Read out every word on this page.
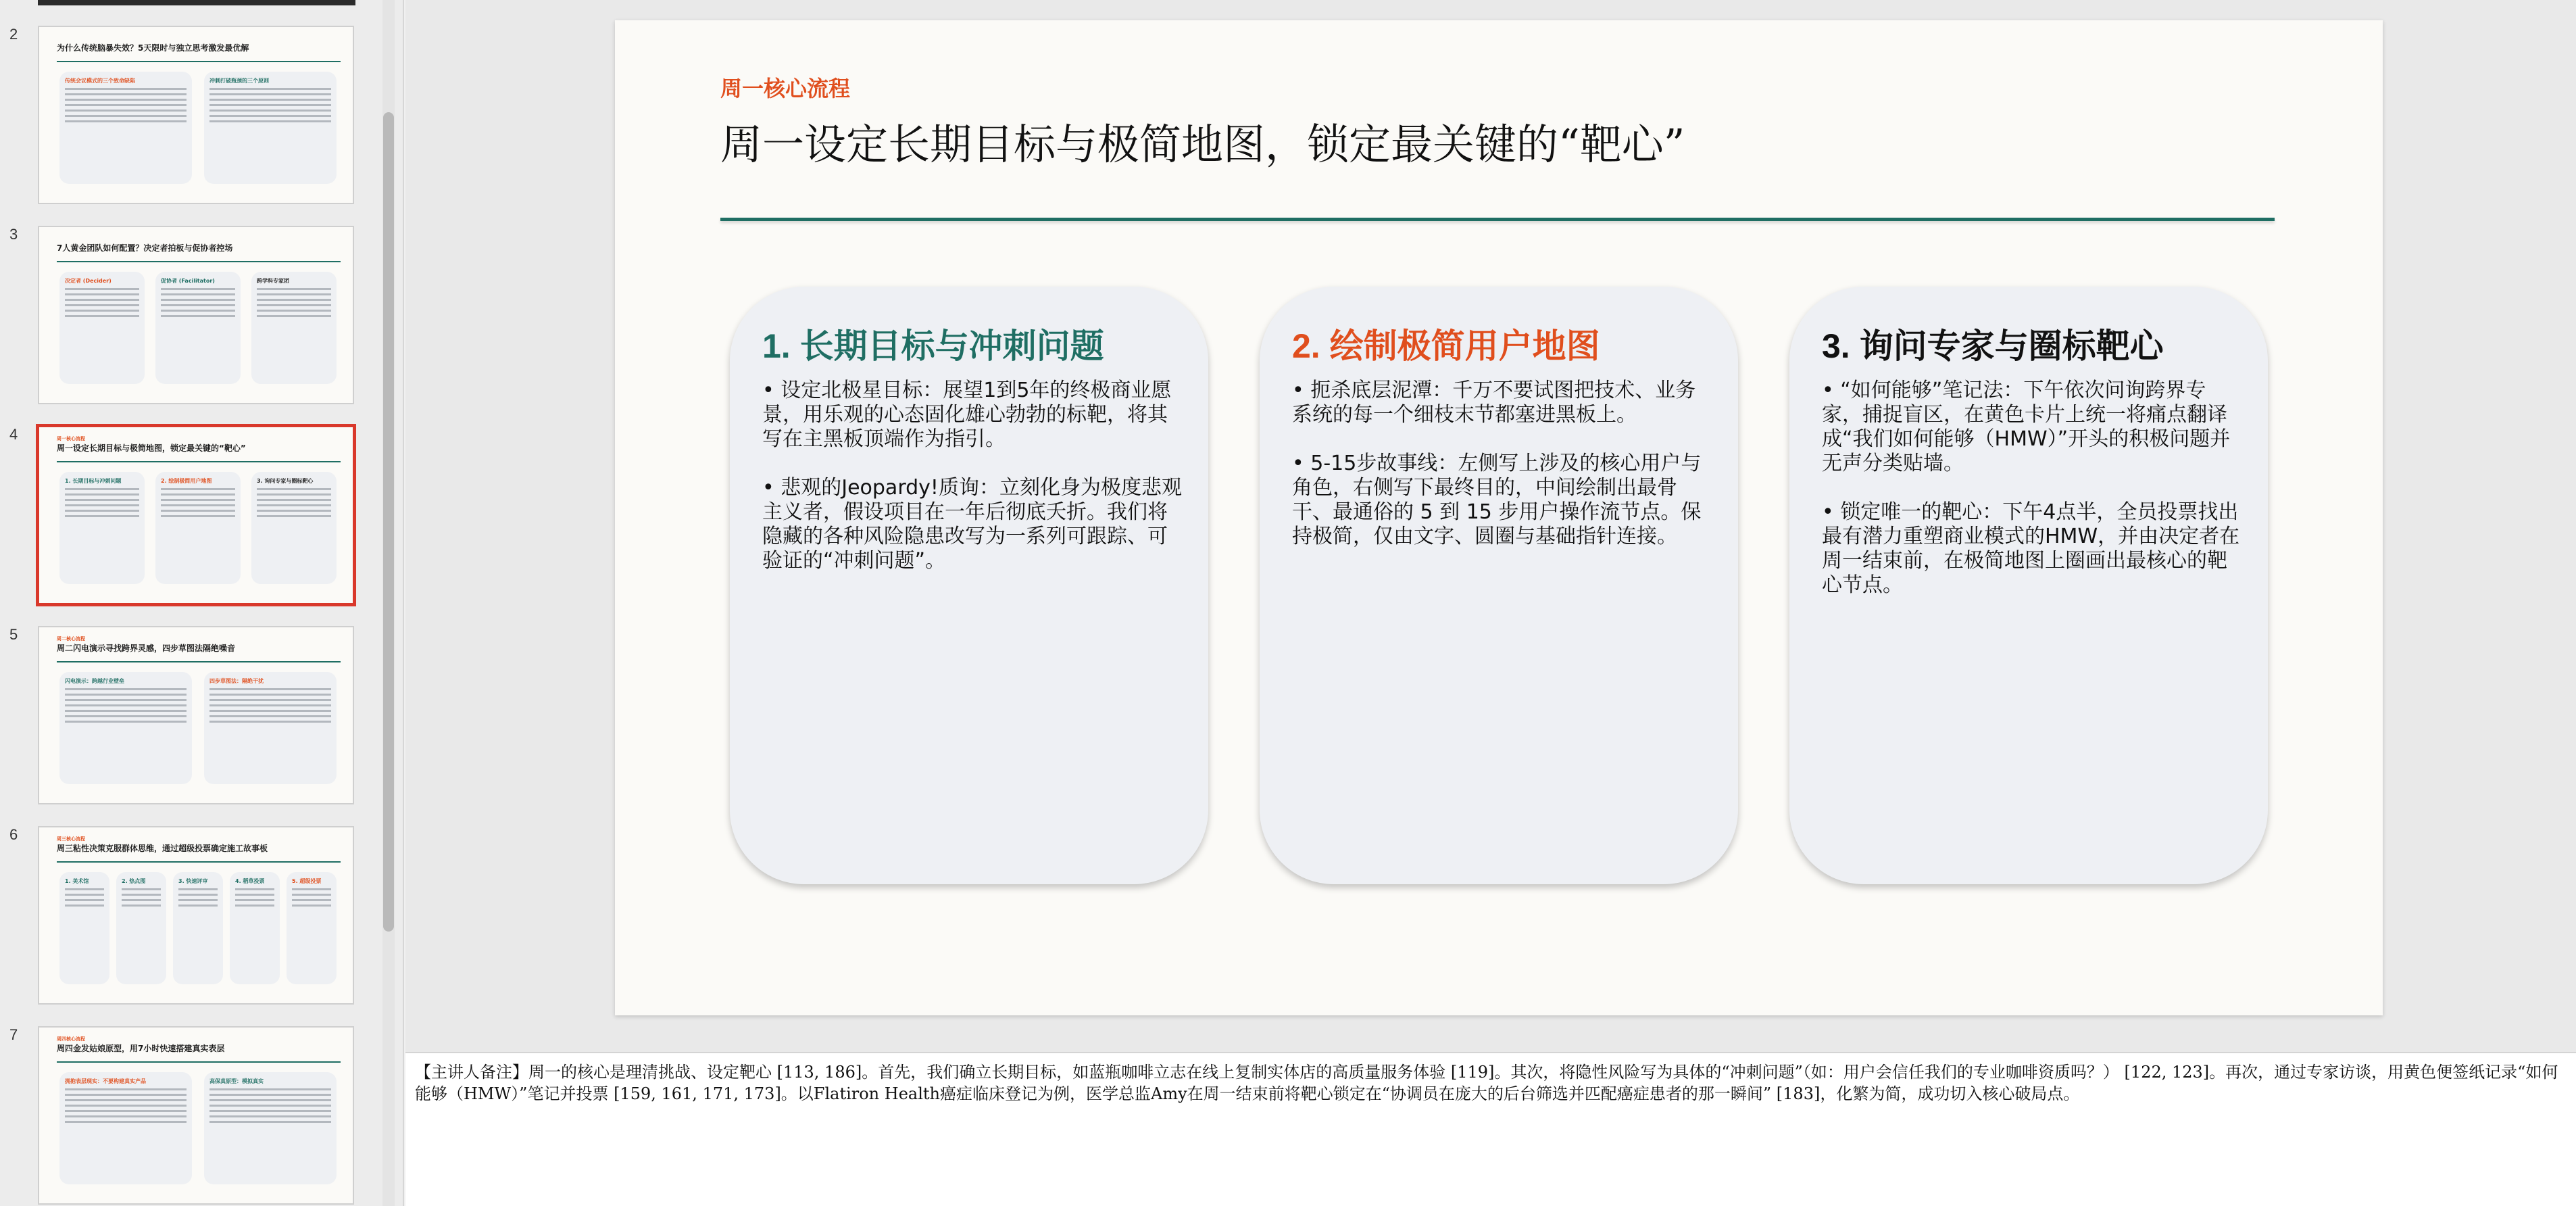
2
为什么传统脑暴失效？5天限时与独立思考激发最优解
传统会议模式的三个致命缺陷	冲刺打破瓶颈的三个原则
3
7人黄金团队如何配置？决定者拍板与促协者控场
决定者 (Decider)	促协者 (Facilitator)	跨学科专家团
4	周一核心流程
周一设定长期目标与极简地图，锁定最关键的“靶心”
1. 长期目标与冲刺问题	2. 绘制极简用户地图	3. 询问专家与圈标靶心
5	周二核心流程
周二闪电演示寻找跨界灵感，四步草图法隔绝噪音
闪电演示：跨越行业壁垒	四步草图法：隔绝干扰
6	周三核心流程
周三粘性决策克服群体思维，通过超级投票确定施工故事板
1. 美术馆	2. 热点图	3. 快速评审	4. 稻草投票	5. 超级投票
7	周四核心流程
周四金发姑娘原型，用7小时快速搭建真实表层
拥抱表层现实：不要构建真实产品	高保真原型：模拟真实
周一核心流程
周一设定长期目标与极简地图，锁定最关键的“靶心”
1. 长期目标与冲刺问题

• 设定北极星目标：展望1到5年的终极商业愿景，用乐观的心态固化雄心勃勃的标靶，将其写在主黑板顶端作为指引。

• 悲观的Jeopardy!质询：立刻化身为极度悲观主义者，假设项目在一年后彻底夭折。我们将隐藏的各种风险隐患改写为一系列可跟踪、可验证的“冲刺问题”。

2. 绘制极简用户地图

• 扼杀底层泥潭：千万不要试图把技术、业务系统的每一个细枝末节都塞进黑板上。

• 5-15步故事线：左侧写上涉及的核心用户与角色，右侧写下最终目的，中间绘制出最骨干、最通俗的 5 到 15 步用户操作流节点。保持极简，仅由文字、圆圈与基础指针连接。

3. 询问专家与圈标靶心

• “如何能够”笔记法：下午依次问询跨界专家，捕捉盲区，在黄色卡片上统一将痛点翻译成“我们如何能够（HMW）”开头的积极问题并无声分类贴墙。

• 锁定唯一的靶心：下午4点半，全员投票找出最有潜力重塑商业模式的HMW，并由决定者在周一结束前，在极简地图上圈画出最核心的靶心节点。

【主讲人备注】周一的核心是理清挑战、设定靶心 [113, 186]。首先，我们确立长期目标，如蓝瓶咖啡立志在线上复制实体店的高质量服务体验 [119]。其次，将隐性风险写为具体的“冲刺问题”（如：用户会信任我们的专业咖啡资质吗？） [122, 123]。再次，通过专家访谈，用黄色便签纸记录“如何能够（HMW）”笔记并投票 [159, 161, 171, 173]。以Flatiron Health癌症临床登记为例，医学总监Amy在周一结束前将靶心锁定在“协调员在庞大的后台筛选并匹配癌症患者的那一瞬间” [183]，化繁为简，成功切入核心破局点。
